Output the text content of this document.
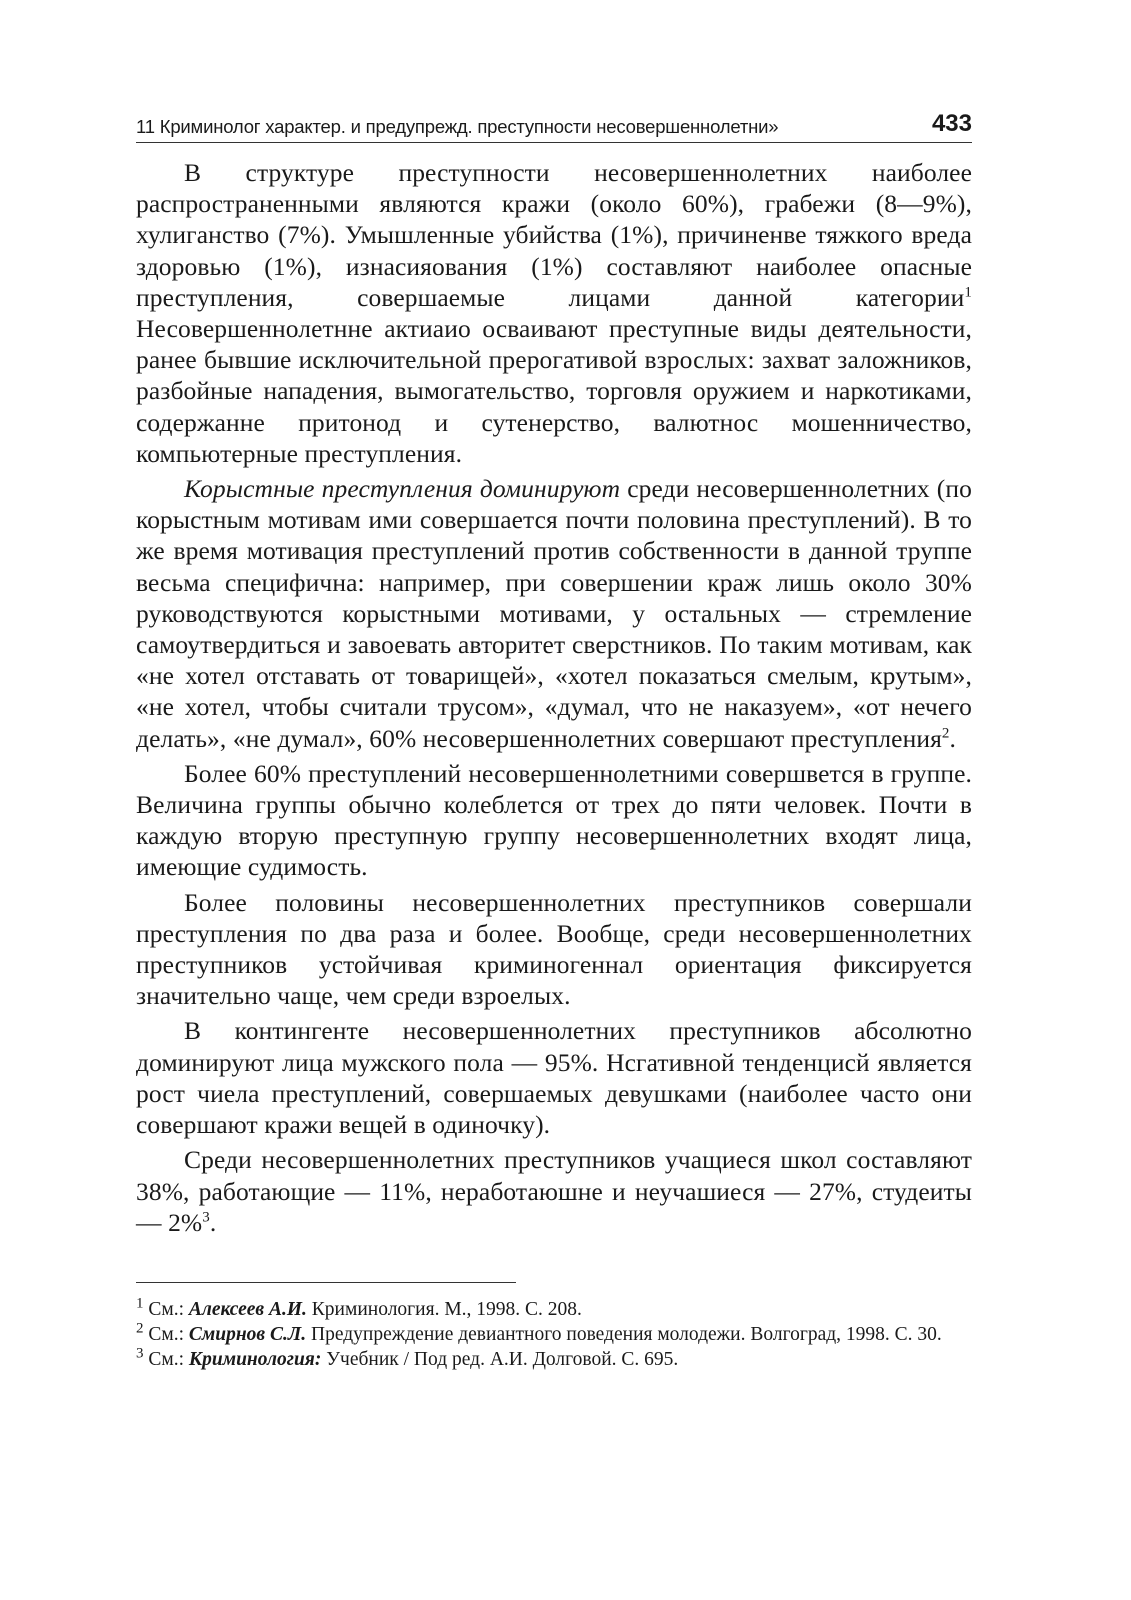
11 Криминолог характер. и предупрежд. преступности несовершеннолетни»	433

В структуре преступности несовершеннолетних наиболее распространенными являются кражи (около 60%), грабежи (8—9%), хулиганство (7%). Умышленные убийства (1%), причиненве тяжкого вреда здоровью (1%), изнасияования (1%) составляют наиболее опасные преступления, совершаемые лицами данной категории$^1$ Несовершеннолетнне актиаио осваивают преступные виды деятельности, ранее бывшие исключительной прерогативой взрослых: захват заложников, разбойные нападения, вымогательство, торговля оружием и наркотиками, содержанне притонод и сутенерство, валютнос мошенничество, компьютерные преступления.

Корыстные преступления доминируют среди несовершеннолетних (по корыстным мотивам ими совершается почти половина преступлений). В то же время мотивация преступлений против собственности в данной труппе весьма специфична: например, при совершении краж лишь около 30% руководствуются корыстными мотивами, у остальных — стремление самоутвердиться и завоевать авторитет сверстников. По таким мотивам, как «не хотел отставать от товарищей», «хотел показаться смелым, крутым», «не хотел, чтобы считали трусом», «думал, что не наказуем», «от нечего делать», «не думал», 60% несовершеннолетних совершают преступления$^2$.

Более 60% преступлений несовершеннолетними совершвется в группе. Величина группы обычно колеблется от трех до пяти человек. Почти в каждую вторую преступную группу несовершеннолетних входят лица, имеющие судимость.

Более половины несовершеннолетних преступников совершали преступления по два раза и более. Вообще, среди несовершеннолетних преступников устойчивая криминогеннал ориентация фиксируется значительно чаще, чем среди взроелых.

В контингенте несовершеннолетних преступников абсолютно доминируют лица мужского пола — 95%. Нсгативной тенденцисй является рост чиела преступлений, совершаемых девушками (наиболее часто они совершают кражи вещей в одиночку).

Среди несовершеннолетних преступников учащиеся школ составляют 38%, работающие — 11%, неработаюшне и неучашиеся — 27%, студеиты — 2%$^3$.

$^1$ См.: Алексеев А.И. Криминология. М., 1998. С. 208.

$^2$ См.: Смирнов С.Л. Предупреждение девиантного поведения молодежи. Волгоград, 1998. С. 30.

$^3$ См.: Криминология: Учебник / Под ред. А.И. Долговой. С. 695.
